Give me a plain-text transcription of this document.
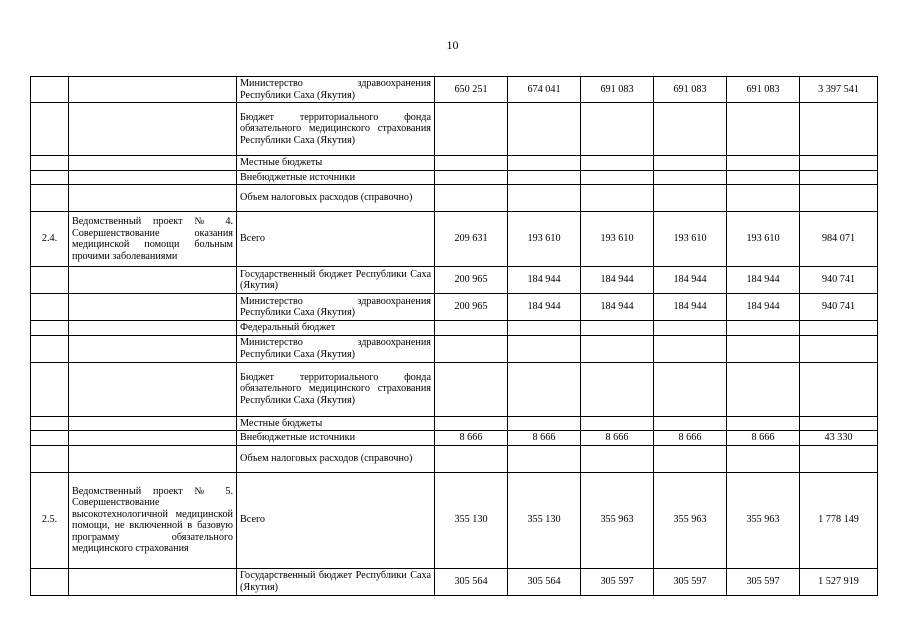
10
		Министерство здравоохранения Республики Саха (Якутия)	650 251	674 041	691 083	691 083	691 083	3 397 541
		Бюджет территориального фонда обязательного медицинского страхования Республики Саха (Якутия)						
		Местные бюджеты						
		Внебюджетные источники						
		Объем налоговых расходов (справочно)						
2.4.	Ведомственный проект № 4. Совершенствование оказания медицинской помощи больным прочими заболеваниями	Всего	209 631	193 610	193 610	193 610	193 610	984 071
		Государственный бюджет Республики Саха (Якутия)	200 965	184 944	184 944	184 944	184 944	940 741
		Министерство здравоохранения Республики Саха (Якутия)	200 965	184 944	184 944	184 944	184 944	940 741
		Федеральный бюджет						
		Министерство здравоохранения Республики Саха (Якутия)						
		Бюджет территориального фонда обязательного медицинского страхования Республики Саха (Якутия)						
		Местные бюджеты						
		Внебюджетные источники	8 666	8 666	8 666	8 666	8 666	43 330
		Объем налоговых расходов (справочно)						
2.5.	Ведомственный проект № 5. Совершенствование высокотехнологичной медицинской помощи, не включенной в базовую программу обязательного медицинского страхования	Всего	355 130	355 130	355 963	355 963	355 963	1 778 149
		Государственный бюджет Республики Саха (Якутия)	305 564	305 564	305 597	305 597	305 597	1 527 919
